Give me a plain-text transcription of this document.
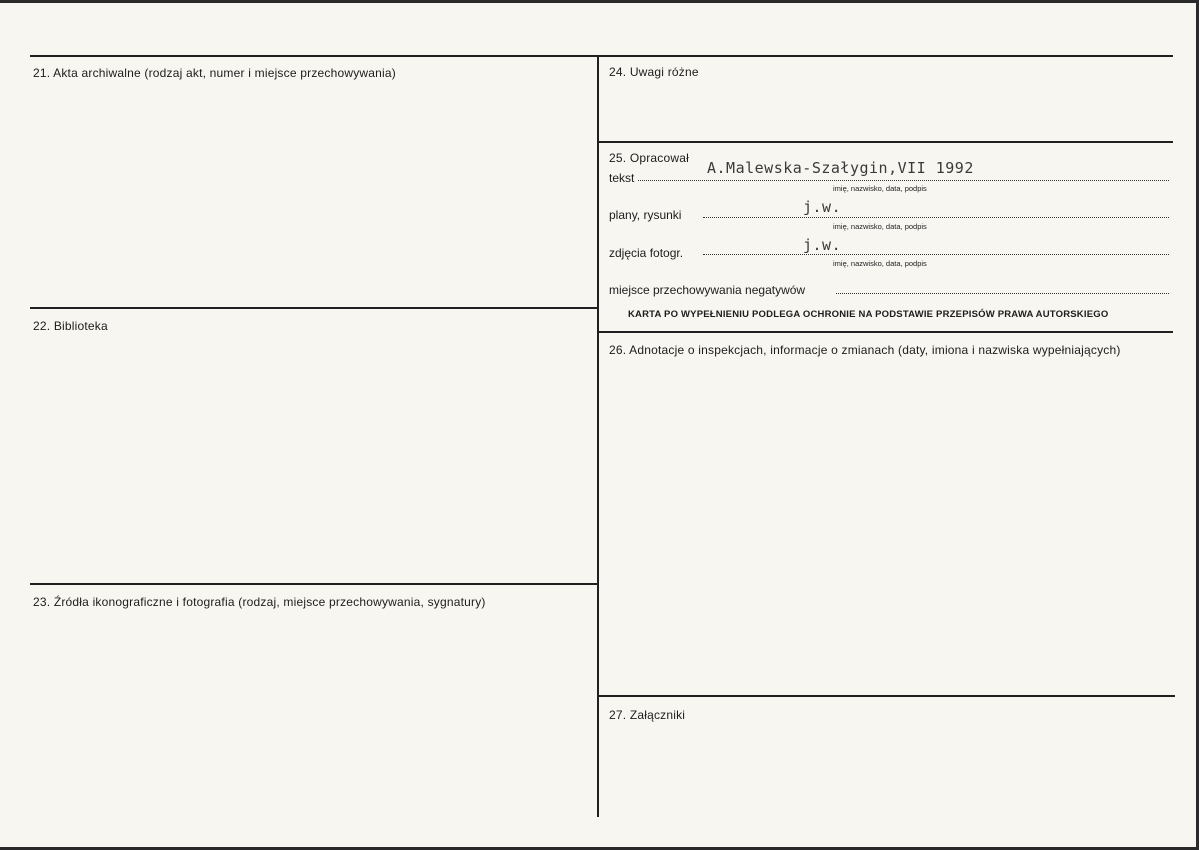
21. Akta archiwalne (rodzaj akt, numer i miejsce przechowywania)
22. Biblioteka
23. Źródła ikonograficzne i fotografia (rodzaj, miejsce przechowywania, sygnatury)
24. Uwagi różne
25. Opracował
tekst
A.Malewska-Szałygin,VII 1992
imię, nazwisko, data, podpis
plany, rysunki	j.w.
imię, nazwisko, data, podpis
zdjęcia fotogr.	j.w.
imię, nazwisko, data, podpis
miejsce przechowywania negatywów
KARTA PO WYPEŁNIENIU PODLEGA OCHRONIE NA PODSTAWIE PRZEPISÓW PRAWA AUTORSKIEGO
26. Adnotacje o inspekcjach, informacje o zmianach (daty, imiona i nazwiska wypełniających)
27. Załączniki
